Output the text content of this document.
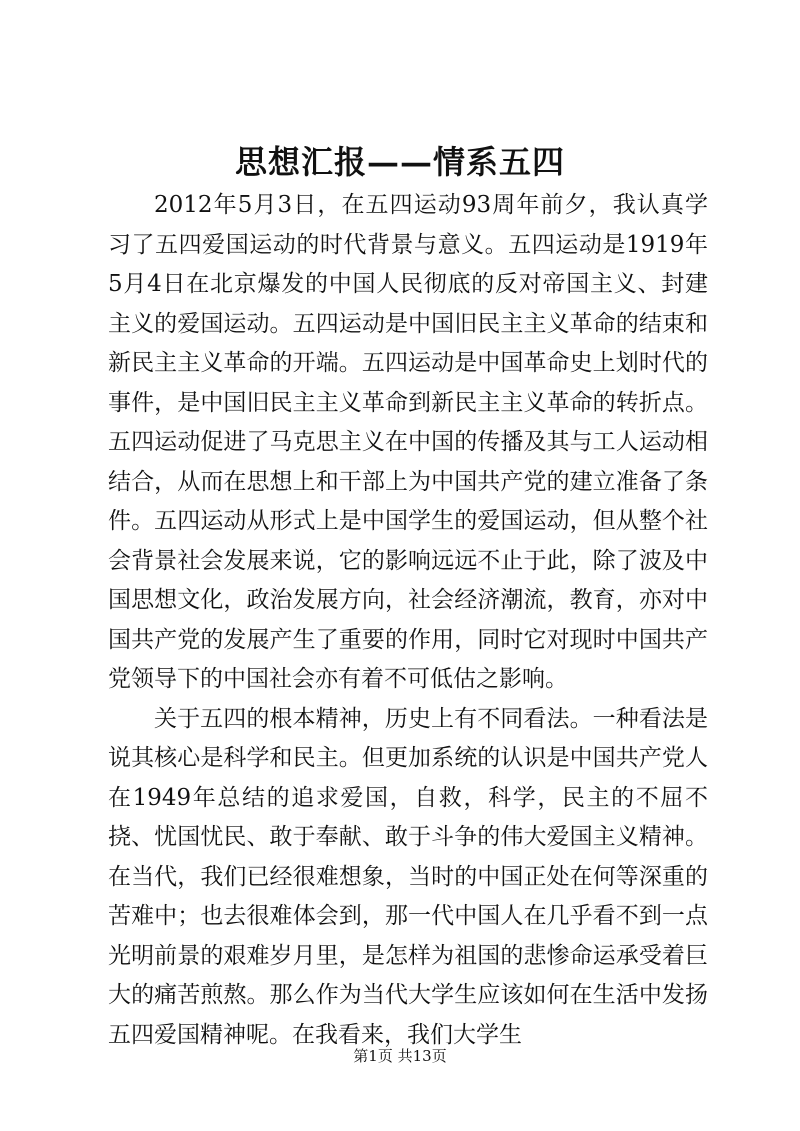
思想汇报——情系五四

2012年5月3日，在五四运动93周年前夕，我认真学习了五四爱国运动的时代背景与意义。五四运动是1919年5月4日在北京爆发的中国人民彻底的反对帝国主义、封建主义的爱国运动。五四运动是中国旧民主主义革命的结束和新民主主义革命的开端。五四运动是中国革命史上划时代的事件，是中国旧民主主义革命到新民主主义革命的转折点。五四运动促进了马克思主义在中国的传播及其与工人运动相结合，从而在思想上和干部上为中国共产党的建立准备了条件。五四运动从形式上是中国学生的爱国运动，但从整个社会背景社会发展来说，它的影响远远不止于此，除了波及中国思想文化，政治发展方向，社会经济潮流，教育，亦对中国共产党的发展产生了重要的作用，同时它对现时中国共产党领导下的中国社会亦有着不可低估之影响。

关于五四的根本精神，历史上有不同看法。一种看法是说其核心是科学和民主。但更加系统的认识是中国共产党人在1949年总结的追求爱国，自救，科学，民主的不屈不挠、忧国忧民、敢于奉献、敢于斗争的伟大爱国主义精神。在当代，我们已经很难想象，当时的中国正处在何等深重的苦难中；也去很难体会到，那一代中国人在几乎看不到一点光明前景的艰难岁月里，是怎样为祖国的悲惨命运承受着巨大的痛苦煎熬。那么作为当代大学生应该如何在生活中发扬五四爱国精神呢。在我看来，我们大学生

第1页 共13页
